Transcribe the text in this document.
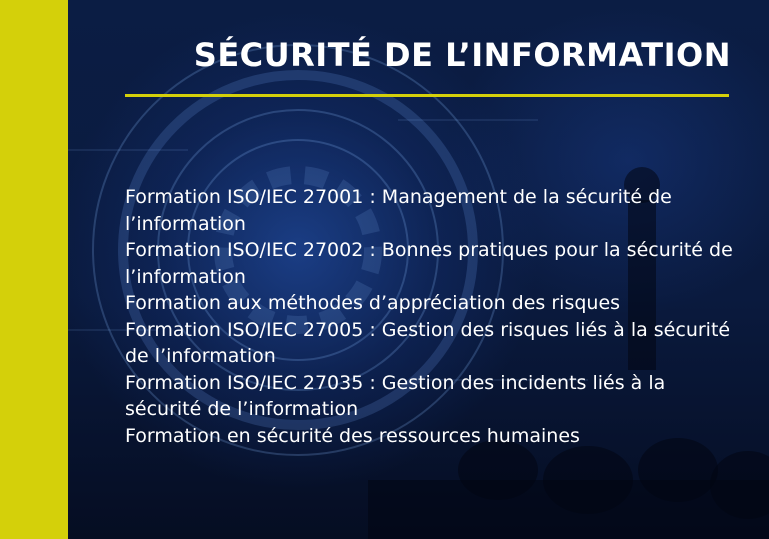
SÉCURITÉ DE L’INFORMATION
Formation ISO/IEC 27001 : Management de la sécurité de l’information
Formation ISO/IEC 27002 : Bonnes pratiques pour la sécurité de l’information
Formation aux méthodes d’appréciation des risques
Formation ISO/IEC 27005 : Gestion des risques liés à la sécurité de l’information
Formation ISO/IEC 27035 : Gestion des incidents liés à la sécurité de l’information
Formation en sécurité des ressources humaines
